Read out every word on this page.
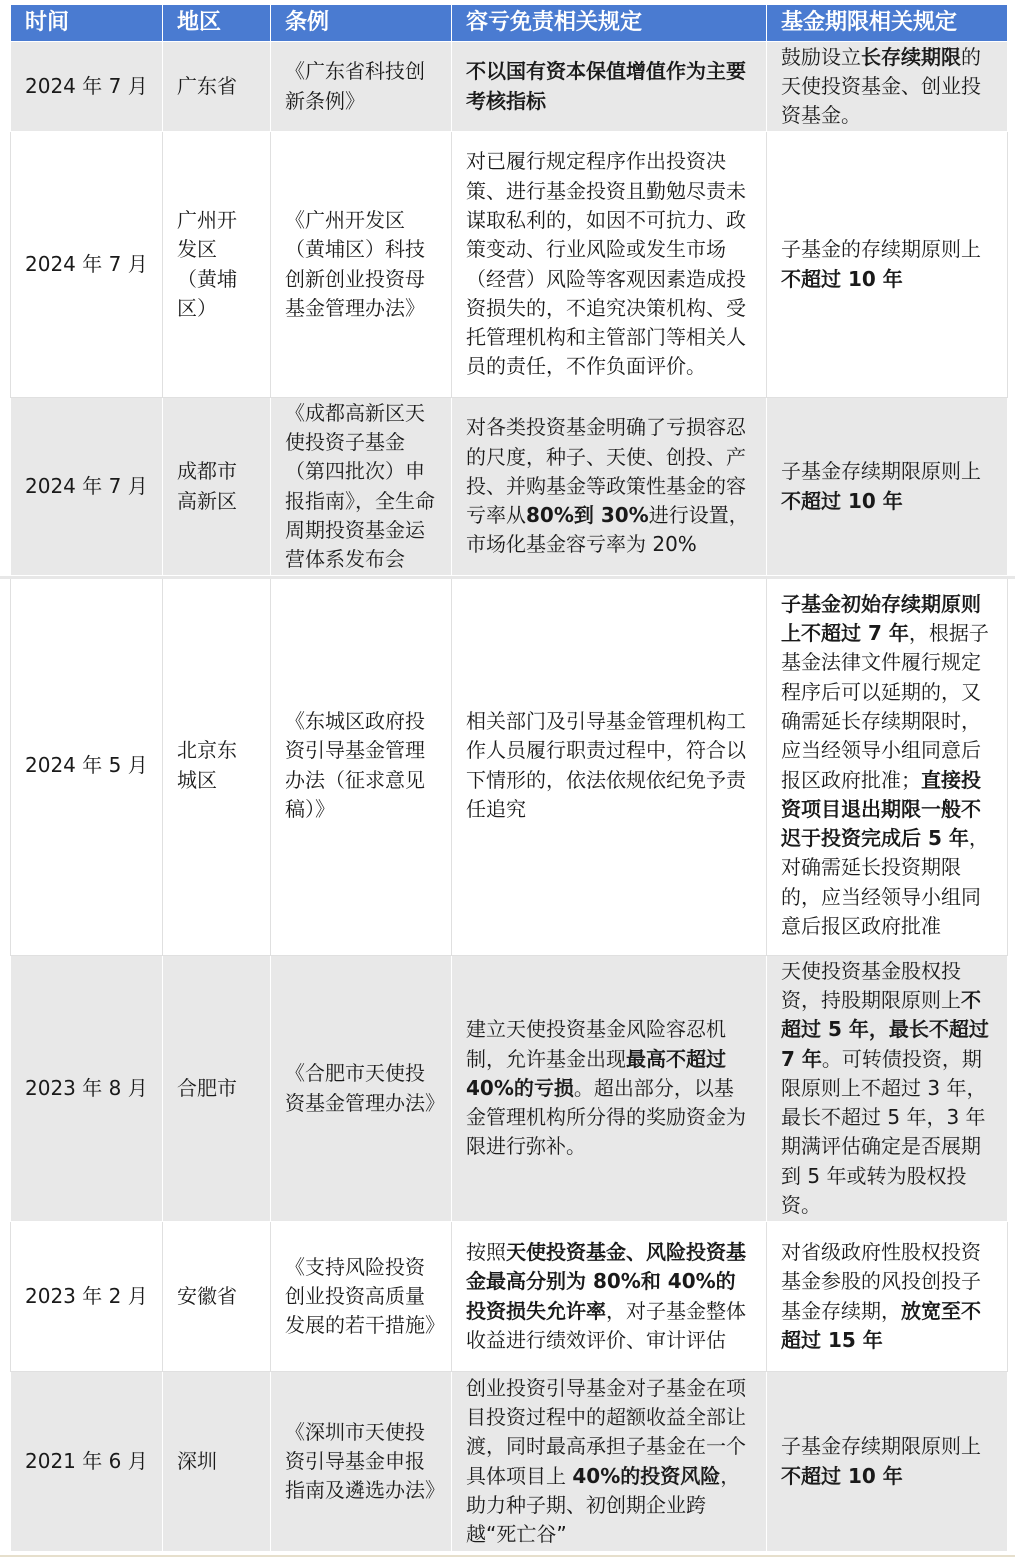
时间	地区	条例	容亏免责相关规定	基金期限相关规定
2024 年 7 月	广东省	《广东省科技创新条例》	不以国有资本保值增值作为主要考核指标	鼓励设立长存续期限的天使投资基金、创业投资基金。
2024 年 7 月	广州开发区（黄埔区）	《广州开发区（黄埔区）科技创新创业投资母基金管理办法》	对已履行规定程序作出投资决策、进行基金投资且勤勉尽责未谋取私利的，如因不可抗力、政策变动、行业风险或发生市场（经营）风险等客观因素造成投资损失的，不追究决策机构、受托管理机构和主管部门等相关人员的责任，不作负面评价。	子基金的存续期原则上不超过 10 年
2024 年 7 月	成都市高新区	《成都高新区天使投资子基金（第四批次）申报指南》，全生命周期投资基金运营体系发布会	对各类投资基金明确了亏损容忍的尺度，种子、天使、创投、产投、并购基金等政策性基金的容亏率从80%到 30%进行设置，市场化基金容亏率为 20%	子基金存续期限原则上不超过 10 年
2024 年 5 月	北京东城区	《东城区政府投资引导基金管理办法（征求意见稿）》	相关部门及引导基金管理机构工作人员履行职责过程中，符合以下情形的，依法依规依纪免予责任追究	子基金初始存续期原则上不超过 7 年，根据子基金法律文件履行规定程序后可以延期的，又确需延长存续期限时，应当经领导小组同意后报区政府批准；直接投资项目退出期限一般不迟于投资完成后 5 年，对确需延长投资期限的，应当经领导小组同意后报区政府批准
2023 年 8 月	合肥市	《合肥市天使投资基金管理办法》	建立天使投资基金风险容忍机制，允许基金出现最高不超过 40%的亏损。超出部分，以基金管理机构所分得的奖励资金为限进行弥补。	天使投资基金股权投资，持股期限原则上不超过 5 年，最长不超过 7 年。可转债投资，期限原则上不超过 3 年，最长不超过 5 年，3 年期满评估确定是否展期到 5 年或转为股权投资。
2023 年 2 月	安徽省	《支持风险投资创业投资高质量发展的若干措施》	按照天使投资基金、风险投资基金最高分别为 80%和 40%的投资损失允许率，对子基金整体收益进行绩效评价、审计评估	对省级政府性股权投资基金参股的风投创投子基金存续期，放宽至不超过 15 年
2021 年 6 月	深圳	《深圳市天使投资引导基金申报指南及遴选办法》	创业投资引导基金对子基金在项目投资过程中的超额收益全部让渡，同时最高承担子基金在一个具体项目上 40%的投资风险，助力种子期、初创期企业跨越“死亡谷”	子基金存续期限原则上不超过 10 年
